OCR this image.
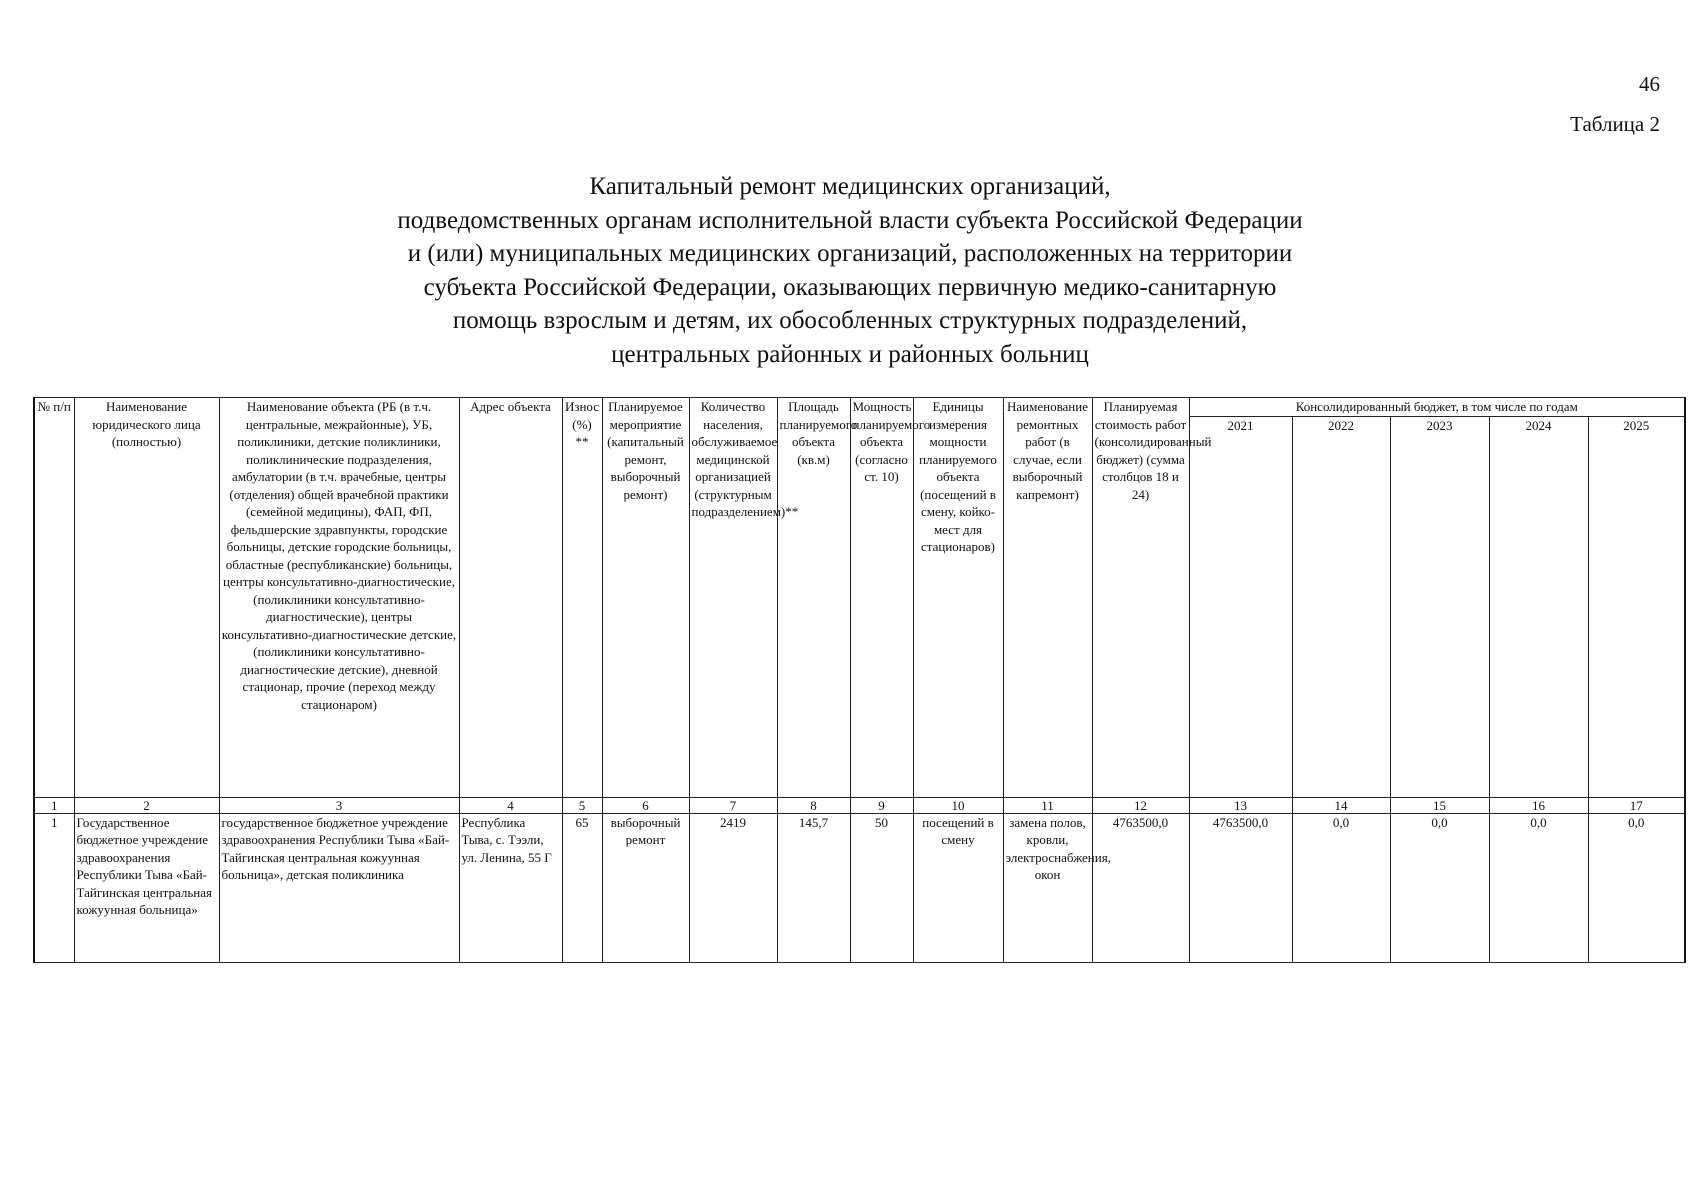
46
Таблица 2
Капитальный ремонт медицинских организаций,
подведомственных органам исполнительной власти субъекта Российской Федерации
и (или) муниципальных медицинских организаций, расположенных на территории
субъекта Российской Федерации, оказывающих первичную медико-санитарную
помощь взрослым и детям, их обособленных структурных подразделений,
центральных районных и районных больниц
№ п/п	Наименование юридического лица (полностью)	Наименование объекта (РБ (в т.ч. центральные, межрайонные), УБ, поликлиники, детские поликлиники, поликлинические подразделения, амбулатории (в т.ч. врачебные, центры (отделения) общей врачебной практики (семейной медицины), ФАП, ФП, фельдшерские здравпункты, городские больницы, детские городские больницы, областные (республиканские) больницы, центры консультативно-диагностические, (поликлиники консультативно-диагностические), центры консультативно-диагностические детские, (поликлиники консультативно-диагностические детские), дневной стационар, прочие (переход между стационаром)	Адрес объекта	Износ (%) **	Планируемое мероприятие (капитальный ремонт, выборочный ремонт)	Количество населения, обслуживаемое медицинской организацией (структурным подразделением)**	Площадь планируемого объекта (кв.м)	Мощность планируемого объекта (согласно ст. 10)	Единицы измерения мощности планируемого объекта (посещений в смену, койко-мест для стационаров)	Наименование ремонтных работ (в случае, если выборочный капремонт)	Планируемая стоимость работ (консолидированный бюджет) (сумма столбцов 18 и 24)	Консолидированный бюджет, в том числе по годам				
												2021	2022	2023	2024	2025
1	2	3	4	5	6	7	8	9	10	11	12	13	14	15	16	17
1	Государственное бюджетное учреждение здравоохранения Республики Тыва «Бай-Тайгинская центральная кожуунная больница»	государственное бюджетное учреждение здравоохранения Республики Тыва «Бай-Тайгинская центральная кожуунная больница», детская поликлиника	Республика Тыва, с. Тээли, ул. Ленина, 55 Г	65	выборочный ремонт	2419	145,7	50	посещений в смену	замена полов, кровли, электроснабжения, окон	4763500,0	4763500,0	0,0	0,0	0,0	0,0
